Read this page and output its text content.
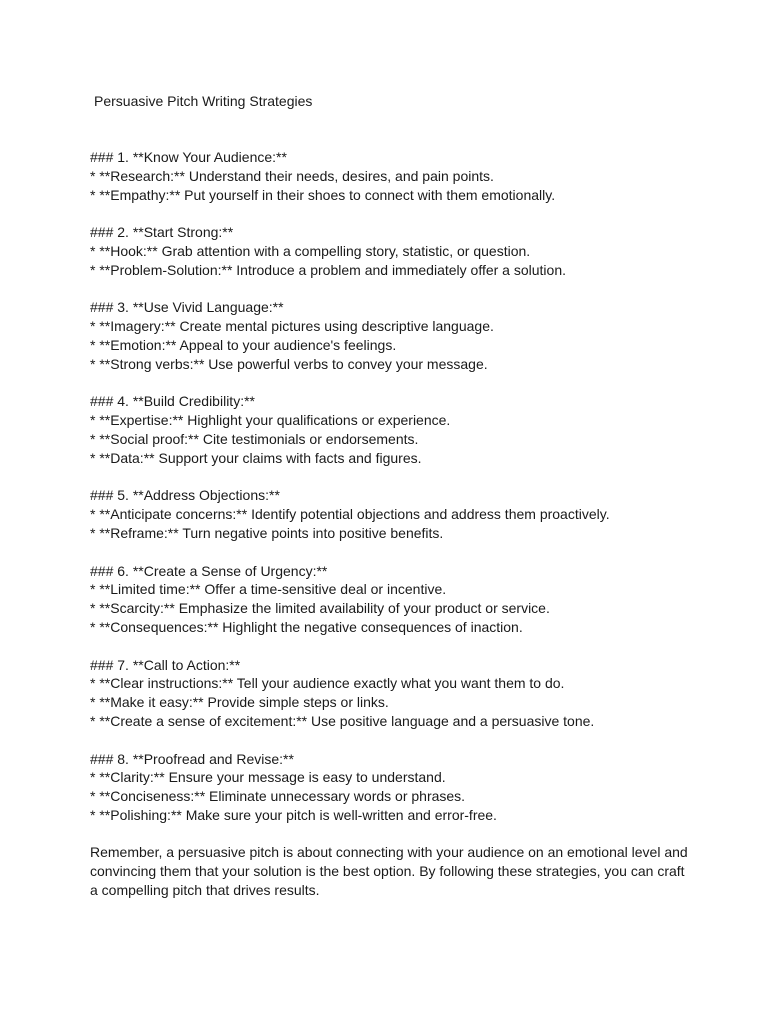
Persuasive Pitch Writing Strategies
### 1. **Know Your Audience:**
* **Research:** Understand their needs, desires, and pain points.
* **Empathy:** Put yourself in their shoes to connect with them emotionally.
### 2. **Start Strong:**
* **Hook:** Grab attention with a compelling story, statistic, or question.
* **Problem-Solution:** Introduce a problem and immediately offer a solution.
### 3. **Use Vivid Language:**
* **Imagery:** Create mental pictures using descriptive language.
* **Emotion:** Appeal to your audience's feelings.
* **Strong verbs:** Use powerful verbs to convey your message.
### 4. **Build Credibility:**
* **Expertise:** Highlight your qualifications or experience.
* **Social proof:** Cite testimonials or endorsements.
* **Data:** Support your claims with facts and figures.
### 5. **Address Objections:**
* **Anticipate concerns:** Identify potential objections and address them proactively.
* **Reframe:** Turn negative points into positive benefits.
### 6. **Create a Sense of Urgency:**
* **Limited time:** Offer a time-sensitive deal or incentive.
* **Scarcity:** Emphasize the limited availability of your product or service.
* **Consequences:** Highlight the negative consequences of inaction.
### 7. **Call to Action:**
* **Clear instructions:** Tell your audience exactly what you want them to do.
* **Make it easy:** Provide simple steps or links.
* **Create a sense of excitement:** Use positive language and a persuasive tone.
### 8. **Proofread and Revise:**
* **Clarity:** Ensure your message is easy to understand.
* **Conciseness:** Eliminate unnecessary words or phrases.
* **Polishing:** Make sure your pitch is well-written and error-free.
Remember, a persuasive pitch is about connecting with your audience on an emotional level and convincing them that your solution is the best option. By following these strategies, you can craft a compelling pitch that drives results.
